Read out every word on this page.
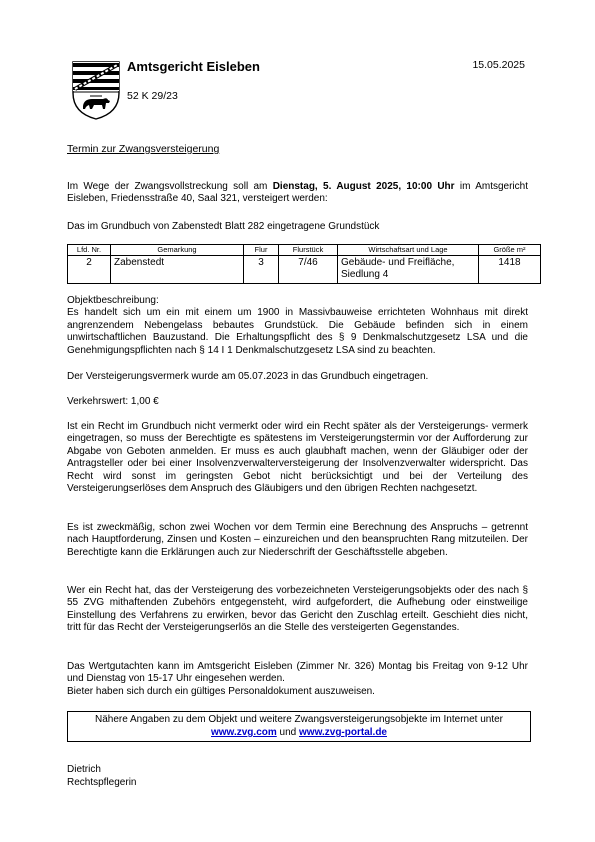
Amtsgericht Eisleben
52 K 29/23
15.05.2025
Termin zur Zwangsversteigerung

Im Wege der Zwangsvollstreckung soll am Dienstag, 5. August 2025, 10:00 Uhr im Amtsgericht Eisleben, Friedensstraße 40, Saal 321, versteigert werden:

Das im Grundbuch von Zabenstedt Blatt 282 eingetragene Grundstück
Lfd. Nr.	Gemarkung	Flur	Flurstück	Wirtschaftsart und Lage	Größe m²
2	Zabenstedt	3	7/46	Gebäude- und Freifläche, Siedlung 4	1418

Objektbeschreibung:

Es handelt sich um ein mit einem um 1900 in Massivbauweise errichteten Wohnhaus mit direkt angrenzendem Nebengelass bebautes Grundstück. Die Gebäude befinden sich in einem unwirtschaftlichen Bauzustand. Die Erhaltungspflicht des § 9 Denkmalschutzgesetz LSA und die Genehmigungspflichten nach § 14 I 1 Denkmalschutzgesetz LSA sind zu beachten.

Der Versteigerungsvermerk wurde am 05.07.2023 in das Grundbuch eingetragen.
Verkehrswert: 1,00 €
Ist ein Recht im Grundbuch nicht vermerkt oder wird ein Recht später als der Versteigerungs- vermerk eingetragen, so muss der Berechtigte es spätestens im Versteigerungstermin vor der Aufforderung zur Abgabe von Geboten anmelden. Er muss es auch glaubhaft machen, wenn der Gläubiger oder der Antragsteller oder bei einer Insolvenzverwalterversteigerung der Insolvenzverwalter widerspricht. Das Recht wird sonst im geringsten Gebot nicht berücksichtigt und bei der Verteilung des Versteigerungserlöses dem Anspruch des Gläubigers und den übrigen Rechten nachgesetzt.
Es ist zweckmäßig, schon zwei Wochen vor dem Termin eine Berechnung des Anspruchs – getrennt nach Hauptforderung, Zinsen und Kosten – einzureichen und den beanspruchten Rang mitzuteilen. Der Berechtigte kann die Erklärungen auch zur Niederschrift der Geschäftsstelle abgeben.
Wer ein Recht hat, das der Versteigerung des vorbezeichneten Versteigerungsobjekts oder des nach § 55 ZVG mithaftenden Zubehörs entgegensteht, wird aufgefordert, die Aufhebung oder einstweilige Einstellung des Verfahrens zu erwirken, bevor das Gericht den Zuschlag erteilt. Geschieht dies nicht, tritt für das Recht der Versteigerungserlös an die Stelle des versteigerten Gegenstandes.

Das Wertgutachten kann im Amtsgericht Eisleben (Zimmer Nr. 326) Montag bis Freitag von 9-12 Uhr und Dienstag von 15-17 Uhr eingesehen werden.

Bieter haben sich durch ein gültiges Personaldokument auszuweisen.

Nähere Angaben zu dem Objekt und weitere Zwangsversteigerungsobjekte im Internet unter
www.zvg.com und www.zvg-portal.de
Dietrich
Rechtspflegerin
